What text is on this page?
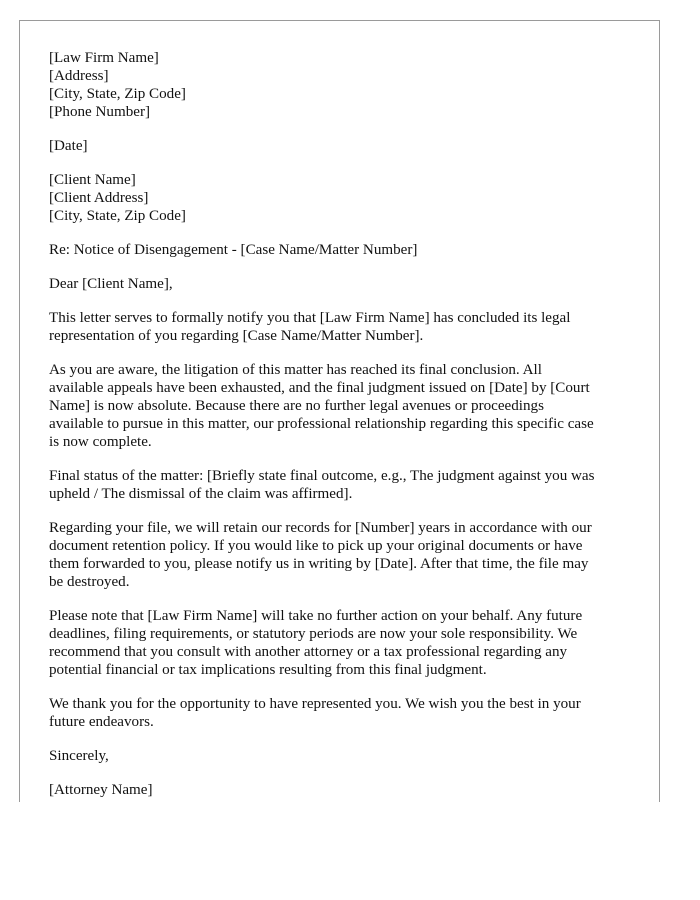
[Law Firm Name]
[Address]
[City, State, Zip Code]
[Phone Number]
[Date]
[Client Name]
[Client Address]
[City, State, Zip Code]
Re: Notice of Disengagement - [Case Name/Matter Number]
Dear [Client Name],

This letter serves to formally notify you that [Law Firm Name] has concluded its legal
representation of you regarding [Case Name/Matter Number].

As you are aware, the litigation of this matter has reached its final conclusion. All
available appeals have been exhausted, and the final judgment issued on [Date] by [Court
Name] is now absolute. Because there are no further legal avenues or proceedings
available to pursue in this matter, our professional relationship regarding this specific case
is now complete.

Final status of the matter: [Briefly state final outcome, e.g., The judgment against you was
upheld / The dismissal of the claim was affirmed].

Regarding your file, we will retain our records for [Number] years in accordance with our
document retention policy. If you would like to pick up your original documents or have
them forwarded to you, please notify us in writing by [Date]. After that time, the file may
be destroyed.

Please note that [Law Firm Name] will take no further action on your behalf. Any future
deadlines, filing requirements, or statutory periods are now your sole responsibility. We
recommend that you consult with another attorney or a tax professional regarding any
potential financial or tax implications resulting from this final judgment.

We thank you for the opportunity to have represented you. We wish you the best in your
future endeavors.

Sincerely,
[Attorney Name]
